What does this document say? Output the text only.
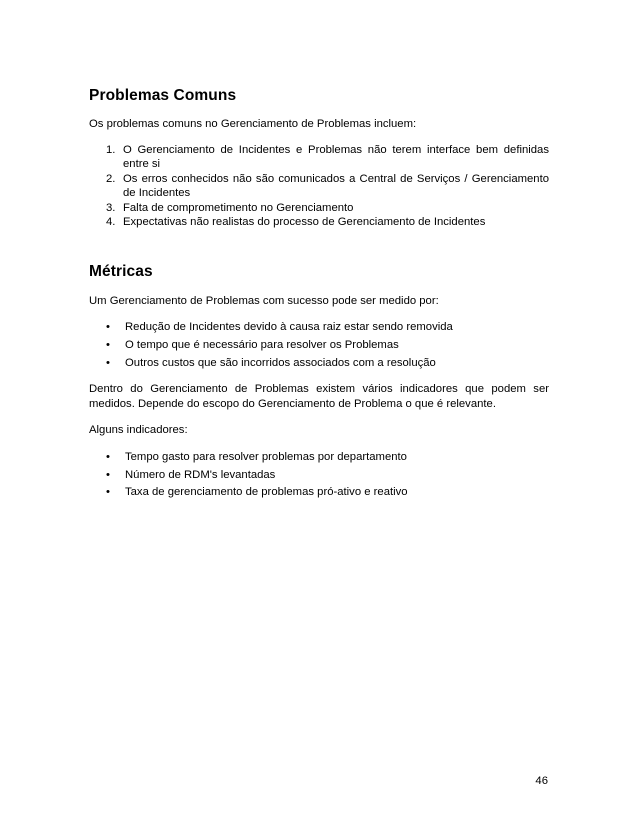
Problemas Comuns

Os problemas comuns no Gerenciamento de Problemas incluem:

1. O Gerenciamento de Incidentes e Problemas não terem interface bem definidas entre si
2. Os erros conhecidos não são comunicados a Central de Serviços / Gerenciamento de Incidentes
3. Falta de comprometimento no Gerenciamento
4. Expectativas não realistas do processo de Gerenciamento de Incidentes
Métricas

Um Gerenciamento de Problemas com sucesso pode ser medido por:

• Redução de Incidentes devido à causa raiz estar sendo removida
• O tempo que é necessário para resolver os Problemas
• Outros custos que são incorridos associados com a resolução

Dentro do Gerenciamento de Problemas existem vários indicadores que podem ser medidos. Depende do escopo do Gerenciamento de Problema o que é relevante.

Alguns indicadores:

• Tempo gasto para resolver problemas por departamento
• Número de RDM's levantadas
• Taxa de gerenciamento de problemas pró-ativo e reativo
46
